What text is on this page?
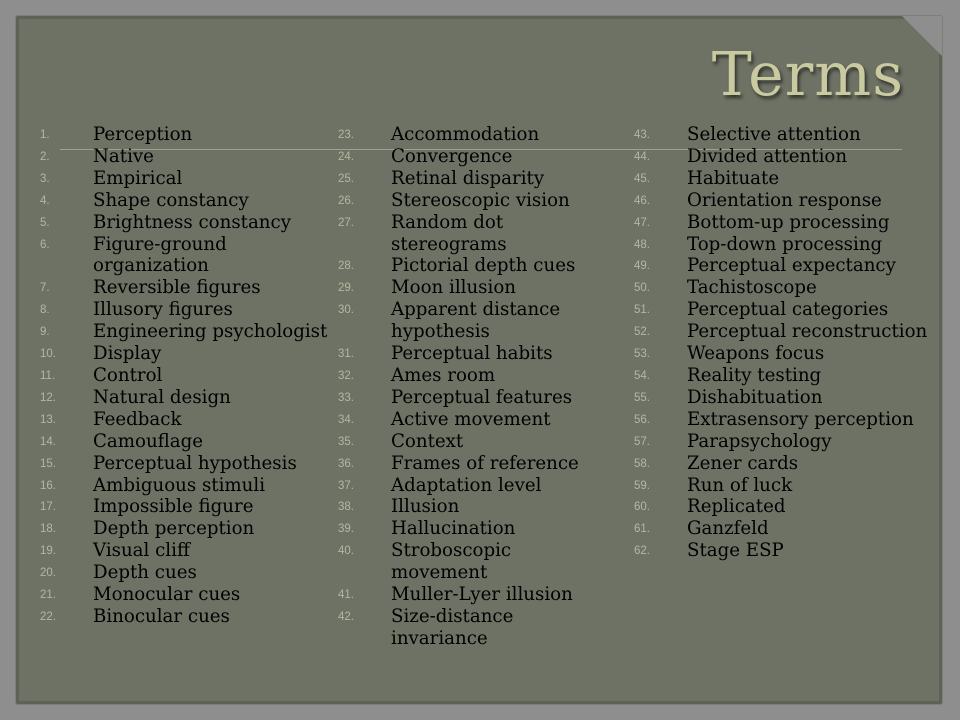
Terms
1. Perception
2. Native
3. Empirical
4. Shape constancy
5. Brightness constancy
6. Figure-ground organization
7. Reversible figures
8. Illusory figures
9. Engineering psychologist
10. Display
11. Control
12. Natural design
13. Feedback
14. Camouflage
15. Perceptual hypothesis
16. Ambiguous stimuli
17. Impossible figure
18. Depth perception
19. Visual cliff
20. Depth cues
21. Monocular cues
22. Binocular cues
23. Accommodation
24. Convergence
25. Retinal disparity
26. Stereoscopic vision
27. Random dot stereograms
28. Pictorial depth cues
29. Moon illusion
30. Apparent distance hypothesis
31. Perceptual habits
32. Ames room
33. Perceptual features
34. Active movement
35. Context
36. Frames of reference
37. Adaptation level
38. Illusion
39. Hallucination
40. Stroboscopic movement
41. Muller-Lyer illusion
42. Size-distance invariance
43. Selective attention
44. Divided attention
45. Habituate
46. Orientation response
47. Bottom-up processing
48. Top-down processing
49. Perceptual expectancy
50. Tachistoscope
51. Perceptual categories
52. Perceptual reconstruction
53. Weapons focus
54. Reality testing
55. Dishabituation
56. Extrasensory perception
57. Parapsychology
58. Zener cards
59. Run of luck
60. Replicated
61. Ganzfeld
62. Stage ESP
